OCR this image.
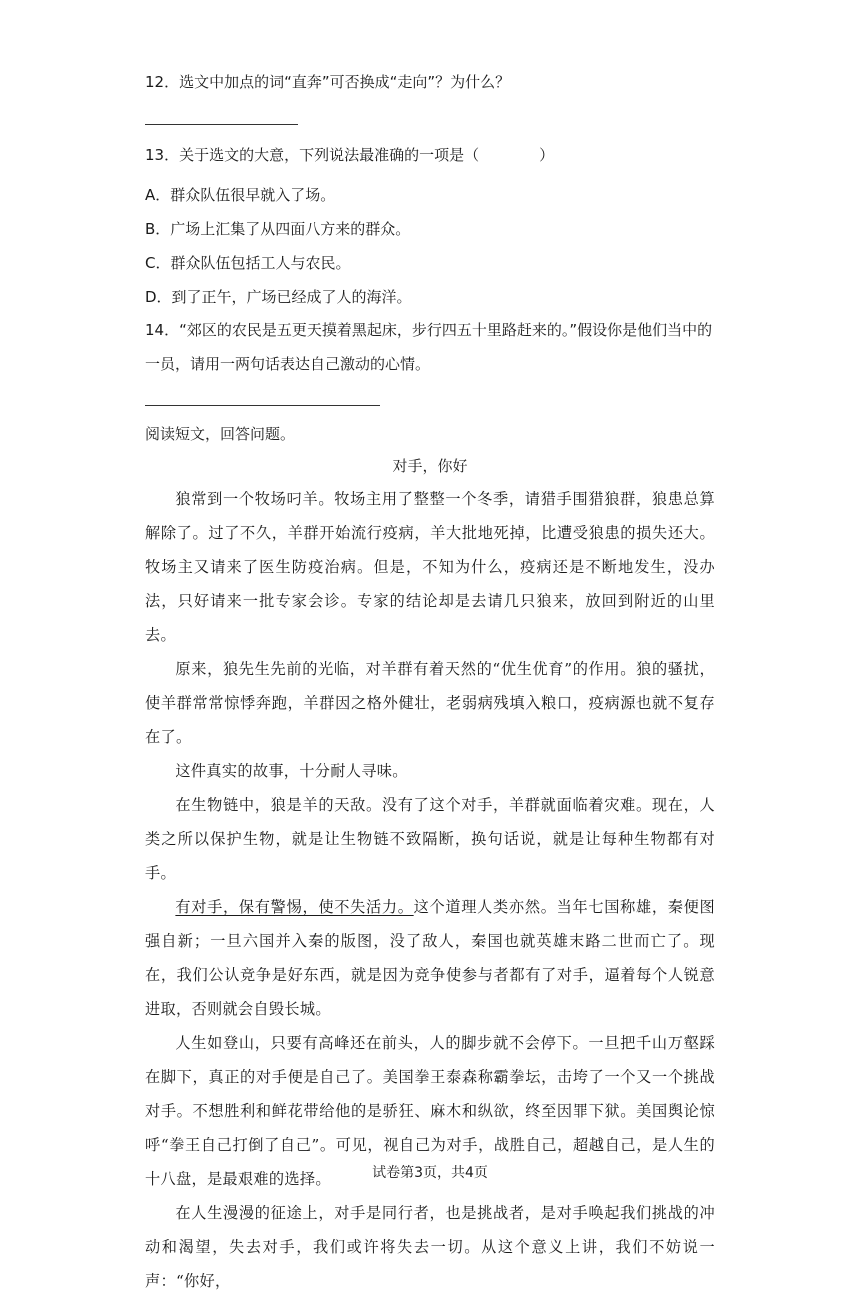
12．选文中加点的词“直奔”可否换成“走向”？为什么？
13．关于选文的大意，下列说法最准确的一项是（　　　　）
A．群众队伍很早就入了场。
B．广场上汇集了从四面八方来的群众。
C．群众队伍包括工人与农民。
D．到了正午，广场已经成了人的海洋。
14．“郊区的农民是五更天摸着黑起床，步行四五十里路赶来的。”假设你是他们当中的
一员，请用一两句话表达自己激动的心情。
阅读短文，回答问题。
对手，你好

狼常到一个牧场叼羊。牧场主用了整整一个冬季，请猎手围猎狼群，狼患总算解除了。过了不久，羊群开始流行疫病，羊大批地死掉，比遭受狼患的损失还大。牧场主又请来了医生防疫治病。但是，不知为什么，疫病还是不断地发生，没办法，只好请来一批专家会诊。专家的结论却是去请几只狼来，放回到附近的山里去。

原来，狼先生先前的光临，对羊群有着天然的“优生优育”的作用。狼的骚扰，使羊群常常惊悸奔跑，羊群因之格外健壮，老弱病残填入粮口，疫病源也就不复存在了。

这件真实的故事，十分耐人寻味。

在生物链中，狼是羊的天敌。没有了这个对手，羊群就面临着灾难。现在，人类之所以保护生物，就是让生物链不致隔断，换句话说，就是让每种生物都有对手。

有对手，保有警惕，使不失活力。这个道理人类亦然。当年七国称雄，秦便图强自新；一旦六国并入秦的版图，没了敌人，秦国也就英雄末路二世而亡了。现在，我们公认竞争是好东西，就是因为竞争使参与者都有了对手，逼着每个人锐意进取，否则就会自毁长城。

人生如登山，只要有高峰还在前头，人的脚步就不会停下。一旦把千山万壑踩在脚下，真正的对手便是自己了。美国拳王泰森称霸拳坛，击垮了一个又一个挑战对手。不想胜利和鲜花带给他的是骄狂、麻木和纵欲，终至因罪下狱。美国舆论惊呼“拳王自己打倒了自己”。可见，视自己为对手，战胜自己，超越自己，是人生的十八盘，是最艰难的选择。

在人生漫漫的征途上，对手是同行者，也是挑战者，是对手唤起我们挑战的冲动和渴望，失去对手，我们或许将失去一切。从这个意义上讲，我们不妨说一声：“你好，

试卷第3页，共4页
